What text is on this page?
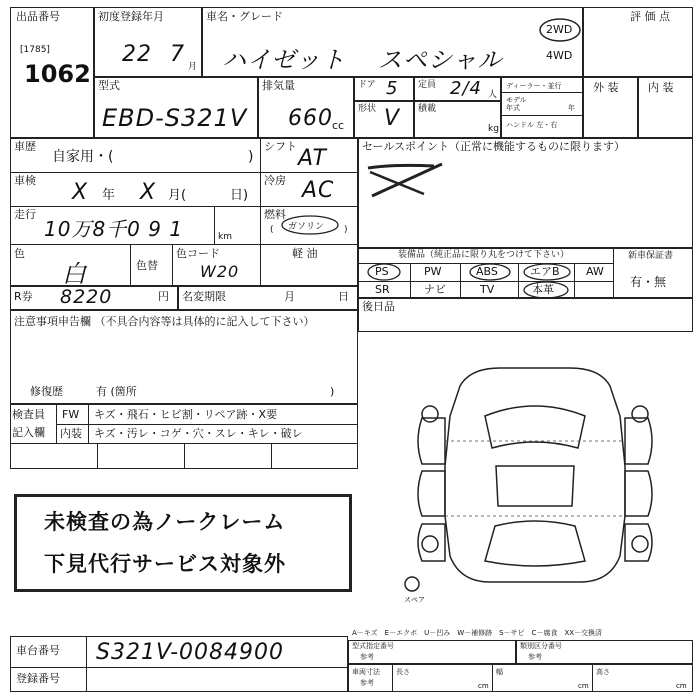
出品番号
[1785]
1062
初度登録年月
22 7 月
車名・グレード
ハイゼット スペシャル
2WD
4WD
評 価 点
型式
EBD-S321V
排気量
660 cc
ドア 5 定員 2/4 人
形状 V 積載
kg
ディーラー・並行
モデル 年式	年
ハンドル 左・右
外 装	内 装
車歴
自家用・(	)
シフト AT
車検 X 年 X 月(	日)
冷房 AC
走行
10万8千0 9 1	km
燃料
( ガソリン )
軽 油
色
白	色替
色コード
W20
セールスポイント（正常に機能するものに限ります）
装備品（純正品に限り丸をつけて下さい）	新車保証書
有・無
PS	PW	ABS	エアB AW
SR	ナビ	TV	本革
後日品
R券 8220	円 名変期限	月	日
注意事項申告欄 （不具合内容等は具体的に記入して下さい）
修復歴	有 (箇所	)
検査員
記入欄
FW キズ・飛石・ヒビ割・リペア跡・X要
内装 キズ・汚レ・コゲ・穴・スレ・キレ・破レ
未検査の為ノークレーム
下見代行サービス対象外
スペア
A－キズ　E－エクボ　U－凹み　W－補修跡　S－サビ　C－腐食　XX－交換済
車台番号 S321V-0084900
登録番号
型式指定番号
参考
類別区分番号
参考
車両寸法
参考
長さ
cm
幅
cm
高さ
cm
